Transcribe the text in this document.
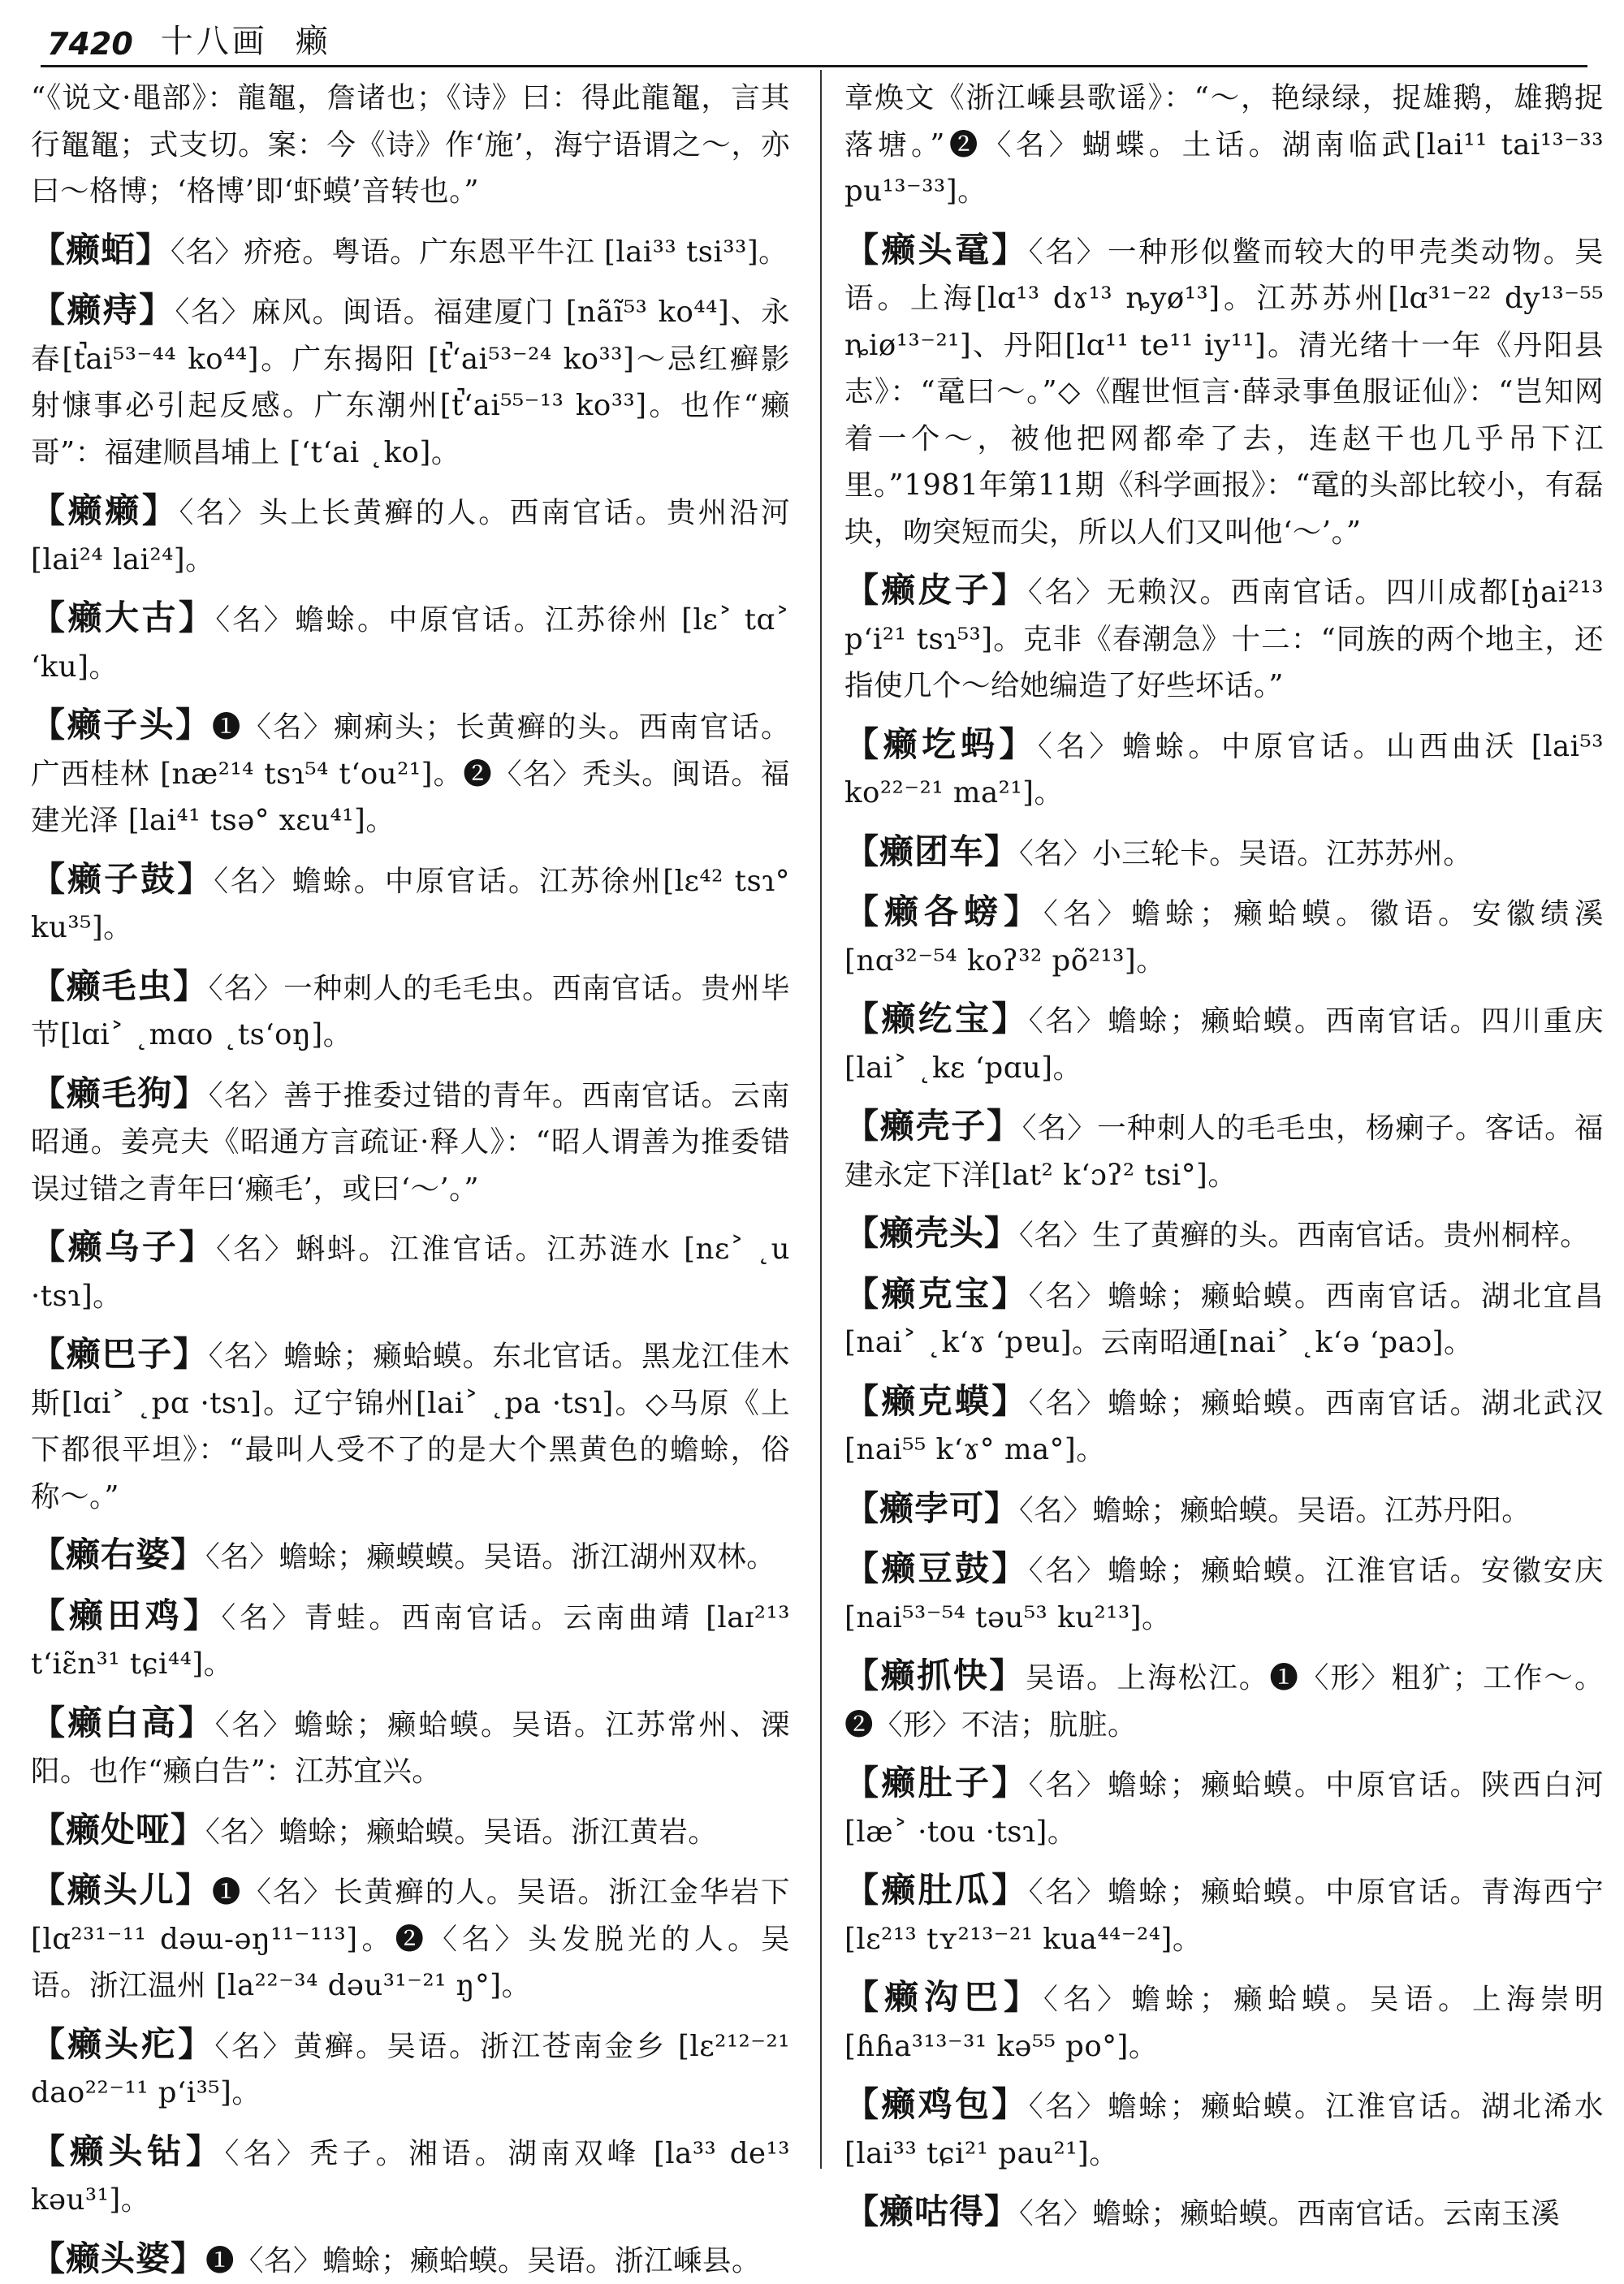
7420 十八画 癞
“《说文·黽部》：龍鼅，詹诸也；《诗》曰：得此龍鼅，言其行鼅鼅；式支切。案：今《诗》作‘施’，海宁语谓之～，亦曰～格博；‘格博’即‘虾蟆’音转也。”
【癞蛨】〈名〉疥疮。粤语。广东恩平牛江 [lai³³ tsi³³]。
【癞痔】〈名〉麻风。闽语。福建厦门 [nãĩ⁵³ ko⁴⁴]、永春[t̚ai⁵³⁻⁴⁴ ko⁴⁴]。广东揭阳 [t̚ʻai⁵³⁻²⁴ ko³³]～忌红癣影射慷事必引起反感。广东潮州[t̚ʻai⁵⁵⁻¹³ ko³³]。也作“癞哥”：福建顺昌埔上 [ʻtʻai ˛ko]。
【癞癞】〈名〉头上长黄癣的人。西南官话。贵州沿河 [lai²⁴ lai²⁴]。
【癞大古】〈名〉蟾蜍。中原官话。江苏徐州 [lɛ˃ tɑ˃ ʻku]。
【癞子头】❶〈名〉瘌痢头；长黄癣的头。西南官话。广西桂林 [næ²¹⁴ tsɿ⁵⁴ tʻou²¹]。❷〈名〉秃头。闽语。福建光泽 [lai⁴¹ tsə° xɛu⁴¹]。
【癞子鼓】〈名〉蟾蜍。中原官话。江苏徐州[lɛ⁴² tsɿ° ku³⁵]。
【癞毛虫】〈名〉一种刺人的毛毛虫。西南官话。贵州毕节[lɑi˃ ˛mɑo ˛tsʻoŋ]。
【癞毛狗】〈名〉善于推委过错的青年。西南官话。云南昭通。姜亮夫《昭通方言疏证·释人》：“昭人谓善为推委错误过错之青年曰‘癞毛’，或曰‘～’。”
【癞乌子】〈名〉蝌蚪。江淮官话。江苏涟水 [nɛ˃ ˛u ·tsɿ]。
【癞巴子】〈名〉蟾蜍；癞蛤蟆。东北官话。黑龙江佳木斯[lɑi˃ ˛pɑ ·tsɿ]。辽宁锦州[lai˃ ˛pa ·tsɿ]。◇马原《上下都很平坦》：“最叫人受不了的是大个黑黄色的蟾蜍，俗称～。”
【癞右婆】〈名〉蟾蜍；癞蟆蟆。吴语。浙江湖州双林。
【癞田鸡】〈名〉青蛙。西南官话。云南曲靖 [laɪ²¹³ tʻiɛ̃n³¹ tɕi⁴⁴]。
【癞白高】〈名〉蟾蜍；癞蛤蟆。吴语。江苏常州、溧阳。也作“癞白告”：江苏宜兴。
【癞处哑】〈名〉蟾蜍；癞蛤蟆。吴语。浙江黄岩。
【癞头儿】❶〈名〉长黄癣的人。吴语。浙江金华岩下 [lɑ²³¹⁻¹¹ dəɯ-əŋ¹¹⁻¹¹³]。❷〈名〉头发脱光的人。吴语。浙江温州 [la²²⁻³⁴ dəu³¹⁻²¹ ŋ°]。
【癞头疕】〈名〉黄癣。吴语。浙江苍南金乡 [lɛ²¹²⁻²¹ dao²²⁻¹¹ pʻi³⁵]。
【癞头钻】〈名〉秃子。湘语。湖南双峰 [la³³ de¹³ kəu³¹]。
【癞头婆】❶〈名〉蟾蜍；癞蛤蟆。吴语。浙江嵊县。
章焕文《浙江嵊县歌谣》：“～，艳绿绿，捉雄鹅，雄鹅捉落塘。”❷〈名〉蝴蝶。土话。湖南临武[lai¹¹ tai¹³⁻³³ pu¹³⁻³³]。
【癞头鼋】〈名〉一种形似鳖而较大的甲壳类动物。吴语。上海[lɑ¹³ dɤ¹³ ȵyø¹³]。江苏苏州[lɑ³¹⁻²² dy¹³⁻⁵⁵ ȵiø¹³⁻²¹]、丹阳[lɑ¹¹ te¹¹ iy¹¹]。清光绪十一年《丹阳县志》：“鼋曰～。”◇《醒世恒言·薛录事鱼服证仙》：“岂知网着一个～，被他把网都牵了去，连赵干也几乎吊下江里。”1981年第11期《科学画报》：“鼋的头部比较小，有磊块，吻突短而尖，所以人们又叫他‘～’。”
【癞皮子】〈名〉无赖汉。西南官话。四川成都[ŋ̍ai²¹³ pʻi²¹ tsɿ⁵³]。克非《春潮急》十二：“同族的两个地主，还指使几个～给她编造了好些坏话。”
【癞圪蚂】〈名〉蟾蜍。中原官话。山西曲沃 [lai⁵³ ko²²⁻²¹ ma²¹]。
【癞团车】〈名〉小三轮卡。吴语。江苏苏州。
【癞各螃】〈名〉蟾蜍；癞蛤蟆。徽语。安徽绩溪 [nɑ³²⁻⁵⁴ koʔ³² põ²¹³]。
【癞纥宝】〈名〉蟾蜍；癞蛤蟆。西南官话。四川重庆 [lai˃ ˛kɛ ʻpɑu]。
【癞壳子】〈名〉一种刺人的毛毛虫，杨瘌子。客话。福建永定下洋[lat² kʻɔʔ² tsi°]。
【癞壳头】〈名〉生了黄癣的头。西南官话。贵州桐梓。
【癞克宝】〈名〉蟾蜍；癞蛤蟆。西南官话。湖北宜昌 [nai˃ ˛kʻɤ ʻpɐu]。云南昭通[nai˃ ˛kʻə ʻpaɔ]。
【癞克蟆】〈名〉蟾蜍；癞蛤蟆。西南官话。湖北武汉 [nai⁵⁵ kʻɤ° ma°]。
【癞孛可】〈名〉蟾蜍；癞蛤蟆。吴语。江苏丹阳。
【癞豆鼓】〈名〉蟾蜍；癞蛤蟆。江淮官话。安徽安庆 [nai⁵³⁻⁵⁴ təu⁵³ ku²¹³]。
【癞抓快】吴语。上海松江。❶〈形〉粗犷；工作～。❷〈形〉不洁；肮脏。
【癞肚子】〈名〉蟾蜍；癞蛤蟆。中原官话。陕西白河 [læ˃ ·tou ·tsɿ]。
【癞肚瓜】〈名〉蟾蜍；癞蛤蟆。中原官话。青海西宁 [lɛ²¹³ tʏ²¹³⁻²¹ kua⁴⁴⁻²⁴]。
【癞沟巴】〈名〉蟾蜍；癞蛤蟆。吴语。上海崇明 [ɦɦa³¹³⁻³¹ kə⁵⁵ po°]。
【癞鸡包】〈名〉蟾蜍；癞蛤蟆。江淮官话。湖北浠水 [lai³³ tɕi²¹ pau²¹]。
【癞咕得】〈名〉蟾蜍；癞蛤蟆。西南官话。云南玉溪
